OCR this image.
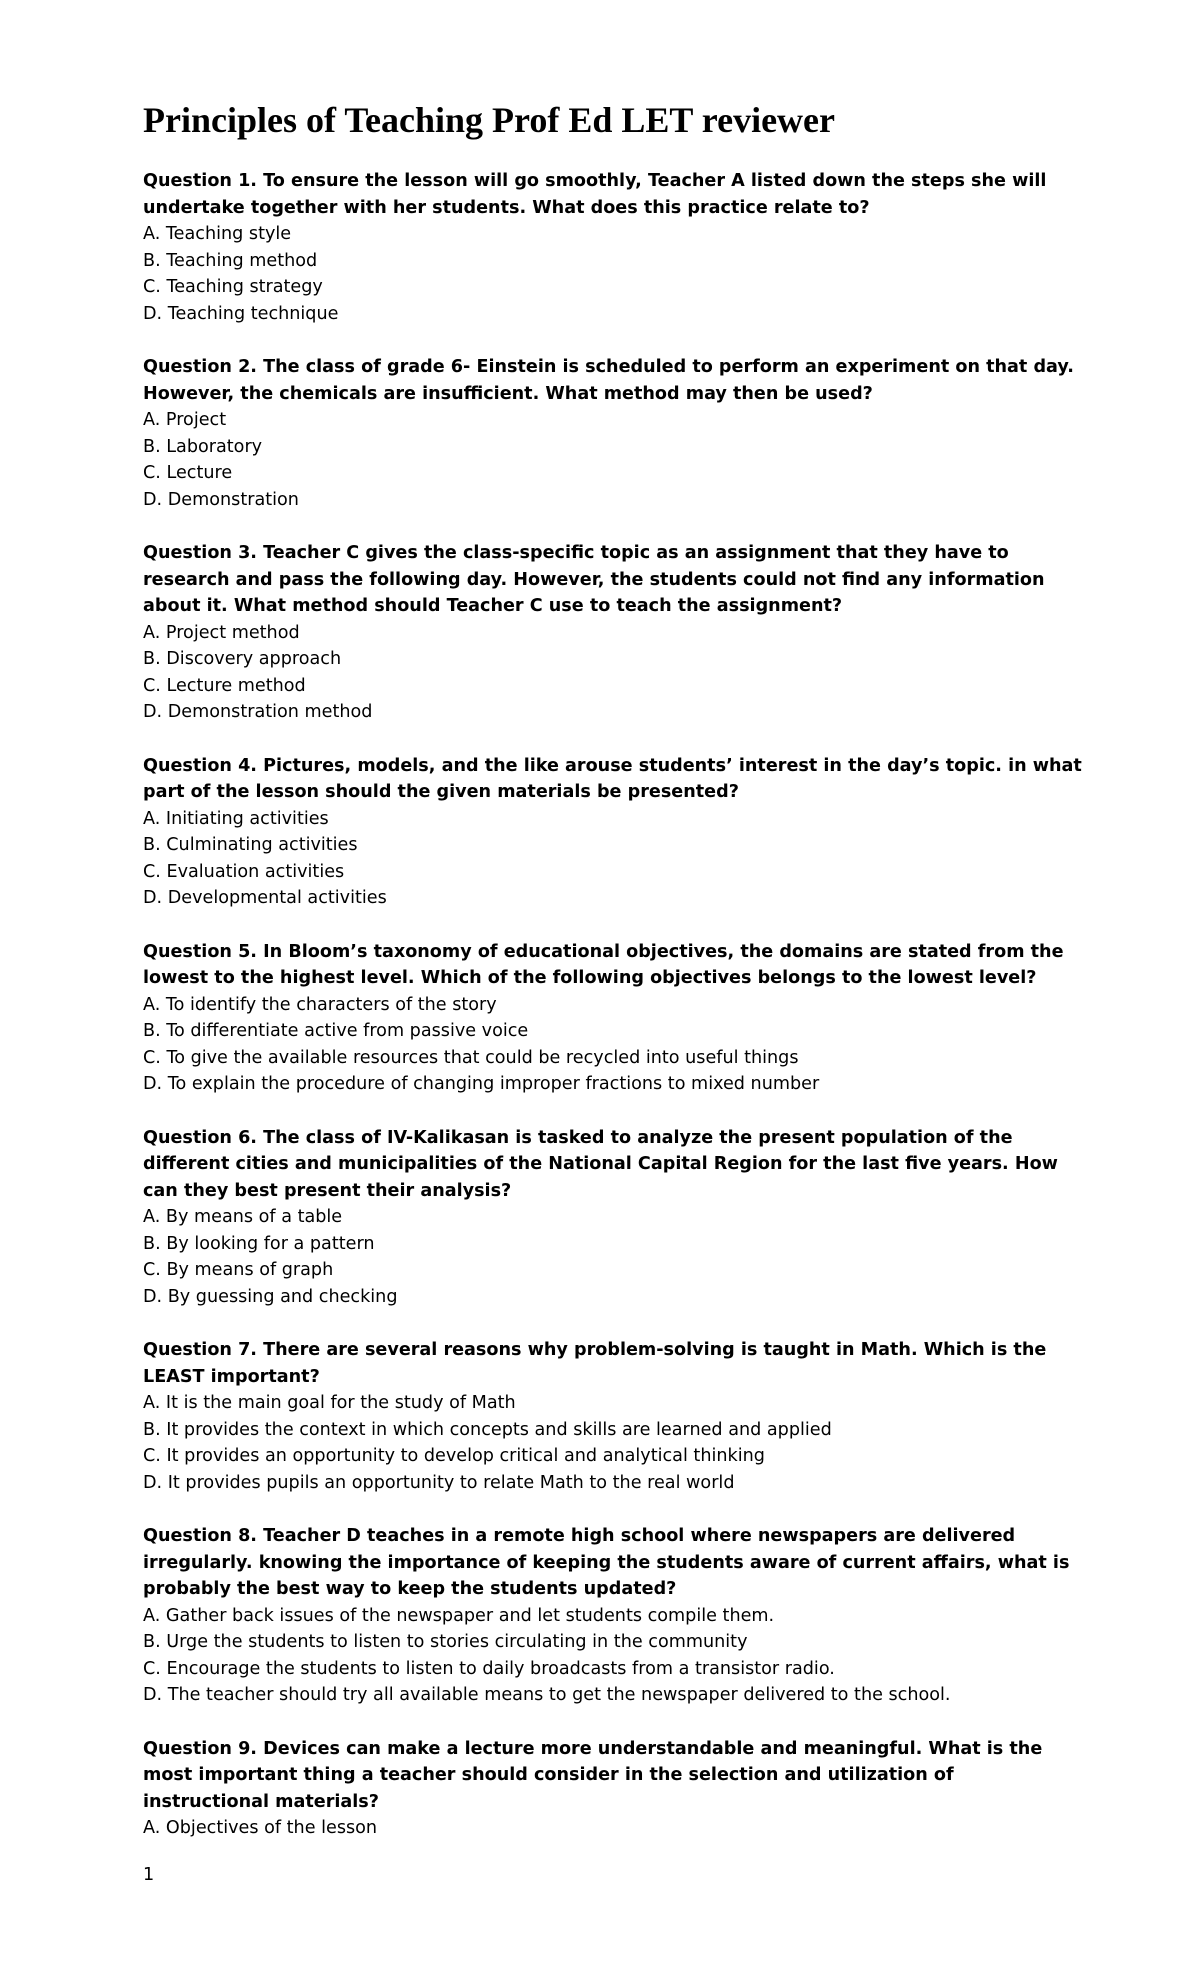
Principles of Teaching Prof Ed LET reviewer

Question 1. To ensure the lesson will go smoothly, Teacher A listed down the steps she will undertake together with her students. What does this practice relate to?

A. Teaching style
B. Teaching method
C. Teaching strategy
D. Teaching technique

Question 2. The class of grade 6- Einstein is scheduled to perform an experiment on that day. However, the chemicals are insufficient. What method may then be used?

A. Project
B. Laboratory
C. Lecture
D. Demonstration

Question 3. Teacher C gives the class-specific topic as an assignment that they have to research and pass the following day. However, the students could not find any information about it. What method should Teacher C use to teach the assignment?

A. Project method
B. Discovery approach
C. Lecture method
D. Demonstration method

Question 4. Pictures, models, and the like arouse students’ interest in the day’s topic. in what part of the lesson should the given materials be presented?

A. Initiating activities
B. Culminating activities
C. Evaluation activities
D. Developmental activities

Question 5. In Bloom’s taxonomy of educational objectives, the domains are stated from the lowest to the highest level. Which of the following objectives belongs to the lowest level?

A. To identify the characters of the story
B. To differentiate active from passive voice
C. To give the available resources that could be recycled into useful things
D. To explain the procedure of changing improper fractions to mixed number

Question 6. The class of IV-Kalikasan is tasked to analyze the present population of the different cities and municipalities of the National Capital Region for the last five years. How can they best present their analysis?

A. By means of a table
B. By looking for a pattern
C. By means of graph
D. By guessing and checking

Question 7. There are several reasons why problem-solving is taught in Math. Which is the LEAST important?

A. It is the main goal for the study of Math
B. It provides the context in which concepts and skills are learned and applied
C. It provides an opportunity to develop critical and analytical thinking
D. It provides pupils an opportunity to relate Math to the real world

Question 8. Teacher D teaches in a remote high school where newspapers are delivered irregularly. knowing the importance of keeping the students aware of current affairs, what is probably the best way to keep the students updated?

A. Gather back issues of the newspaper and let students compile them.
B. Urge the students to listen to stories circulating in the community
C. Encourage the students to listen to daily broadcasts from a transistor radio.
D. The teacher should try all available means to get the newspaper delivered to the school.

Question 9. Devices can make a lecture more understandable and meaningful. What is the most important thing a teacher should consider in the selection and utilization of instructional materials?

A. Objectives of the lesson
1
